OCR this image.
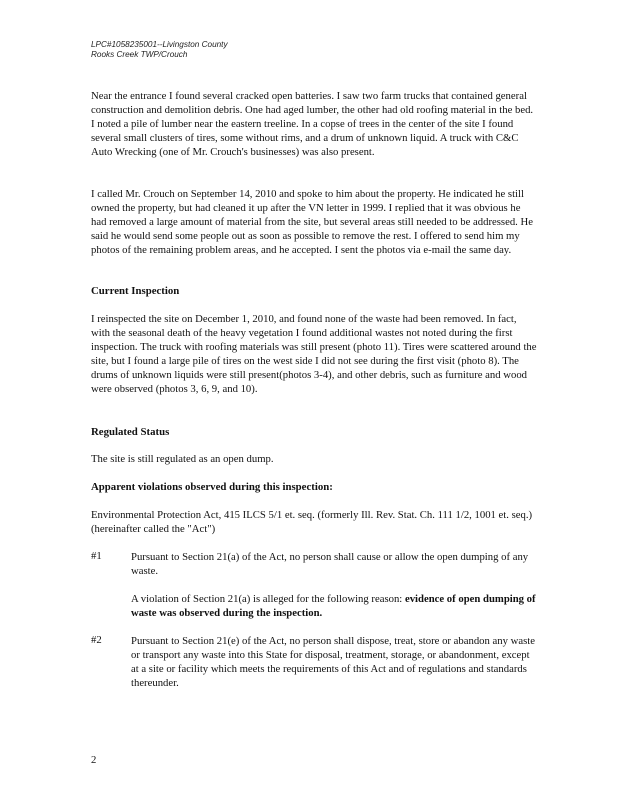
LPC#1058235001--Livingston County
Rooks Creek TWP/Crouch

Near the entrance I found several cracked open batteries. I saw two farm trucks that contained general construction and demolition debris. One had aged lumber, the other had old roofing material in the bed. I noted a pile of lumber near the eastern treeline. In a copse of trees in the center of the site I found several small clusters of tires, some without rims, and a drum of unknown liquid. A truck with C&C Auto Wrecking (one of Mr. Crouch's businesses) was also present.

I called Mr. Crouch on September 14, 2010 and spoke to him about the property. He indicated he still owned the property, but had cleaned it up after the VN letter in 1999. I replied that it was obvious he had removed a large amount of material from the site, but several areas still needed to be addressed. He said he would send some people out as soon as possible to remove the rest. I offered to send him my photos of the remaining problem areas, and he accepted. I sent the photos via e-mail the same day.

Current Inspection

I reinspected the site on December 1, 2010, and found none of the waste had been removed. In fact, with the seasonal death of the heavy vegetation I found additional wastes not noted during the first inspection. The truck with roofing materials was still present (photo 11). Tires were scattered around the site, but I found a large pile of tires on the west side I did not see during the first visit (photo 8). The drums of unknown liquids were still present(photos 3-4), and other debris, such as furniture and wood were observed (photos 3, 6, 9, and 10).

Regulated Status

The site is still regulated as an open dump.

Apparent violations observed during this inspection:

Environmental Protection Act, 415 ILCS 5/1 et. seq. (formerly Ill. Rev. Stat. Ch. 111 1/2, 1001 et. seq.) (hereinafter called the "Act")

#1	Pursuant to Section 21(a) of the Act, no person shall cause or allow the open dumping of any waste.

A violation of Section 21(a) is alleged for the following reason: evidence of open dumping of waste was observed during the inspection.

#2	Pursuant to Section 21(e) of the Act, no person shall dispose, treat, store or abandon any waste or transport any waste into this State for disposal, treatment, storage, or abandonment, except at a site or facility which meets the requirements of this Act and of regulations and standards thereunder.

2
